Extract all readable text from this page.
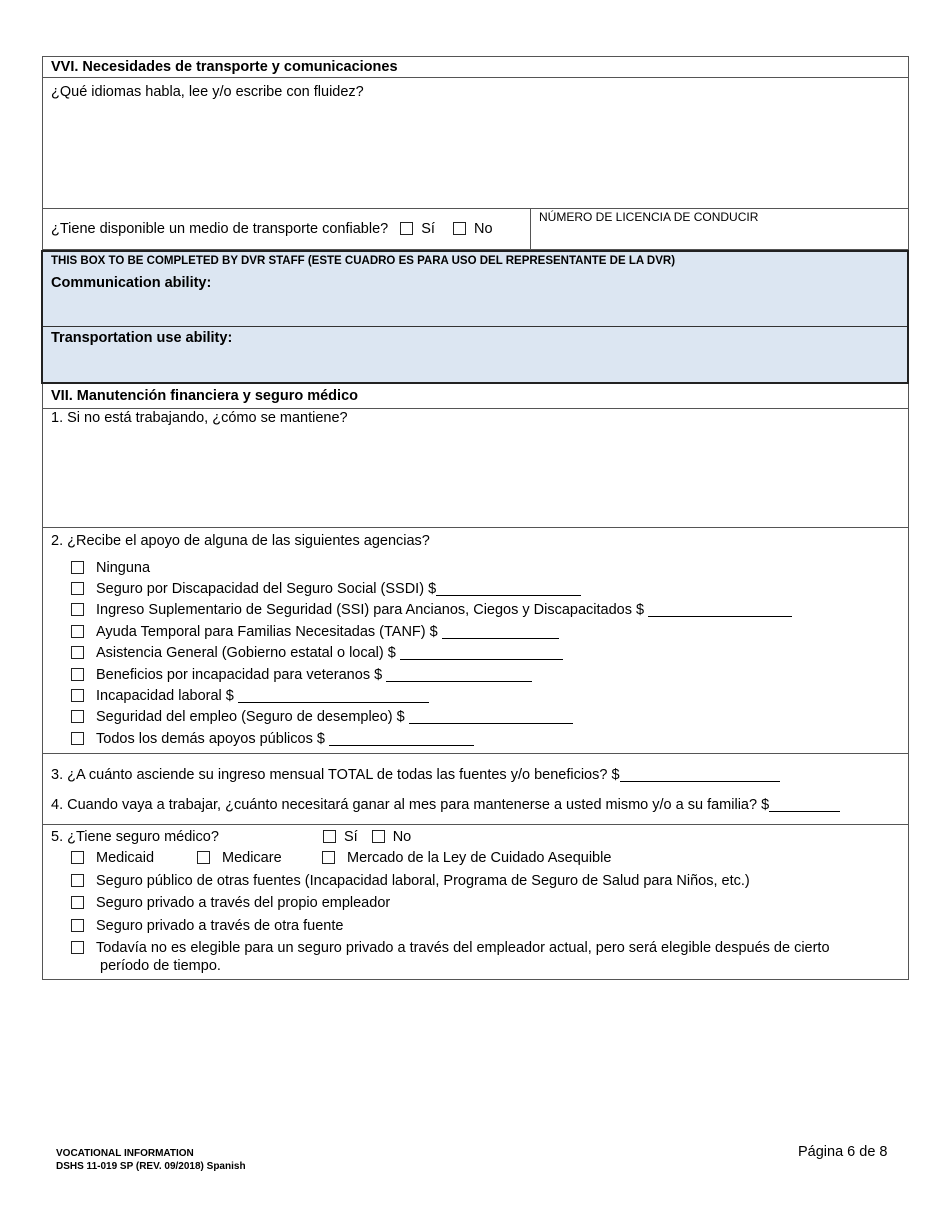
VVI. Necesidades de transporte y comunicaciones
¿Qué idiomas habla, lee y/o escribe con fluidez?
¿Tiene disponible un medio de transporte confiable? Sí	No
NÚMERO DE LICENCIA DE CONDUCIR
THIS BOX TO BE COMPLETED BY DVR STAFF (ESTE CUADRO ES PARA USO DEL REPRESENTANTE DE LA DVR)
Communication ability:
Transportation use ability:
VII. Manutención financiera y seguro médico
1. Si no está trabajando, ¿cómo se mantiene?
2. ¿Recibe el apoyo de alguna de las siguientes agencias?
Ninguna
Seguro por Discapacidad del Seguro Social (SSDI) $
Ingreso Suplementario de Seguridad (SSI) para Ancianos, Ciegos y Discapacitados $
Ayuda Temporal para Familias Necesitadas (TANF) $
Asistencia General (Gobierno estatal o local) $
Beneficios por incapacidad para veteranos $
Incapacidad laboral $
Seguridad del empleo (Seguro de desempleo) $
Todos los demás apoyos públicos $
3. ¿A cuánto asciende su ingreso mensual TOTAL de todas las fuentes y/o beneficios? $
4. Cuando vaya a trabajar, ¿cuánto necesitará ganar al mes para mantenerse a usted mismo y/o a su familia? $
5. ¿Tiene seguro médico?	Sí No
Medicaid	Medicare	Mercado de la Ley de Cuidado Asequible
Seguro público de otras fuentes (Incapacidad laboral, Programa de Seguro de Salud para Niños, etc.)
Seguro privado a través del propio empleador
Seguro privado a través de otra fuente
Todavía no es elegible para un seguro privado a través del empleador actual, pero será elegible después de cierto
período de tiempo.
VOCATIONAL INFORMATION
DSHS 11-019 SP (REV. 09/2018) Spanish
Página 6 de 8
